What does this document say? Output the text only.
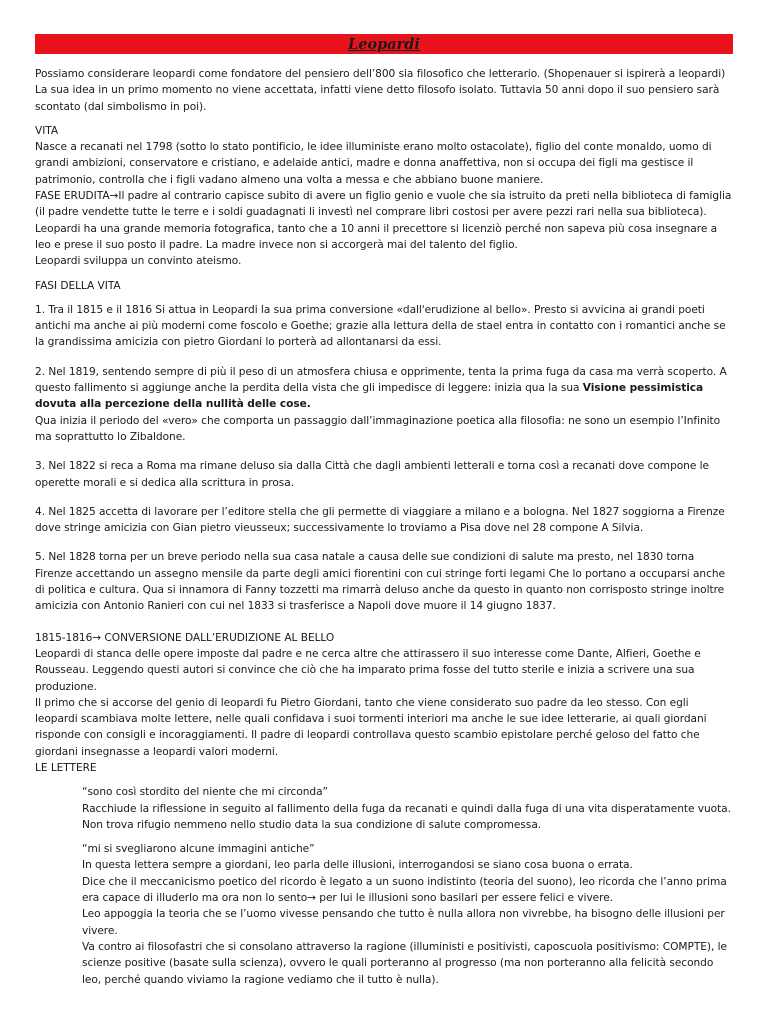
Leopardi

Possiamo considerare leopardi come fondatore del pensiero dell’800 sia filosofico che letterario. (Shopenauer si ispirerà a leopardi)

La sua idea in un primo momento no viene accettata, infatti viene detto filosofo isolato. Tuttavia 50 anni dopo il suo pensiero sarà scontato (dal simbolismo in poi).

VITA

Nasce a recanati nel 1798 (sotto lo stato pontificio, le idee illuministe erano molto ostacolate), figlio del conte monaldo, uomo di grandi ambizioni, conservatore e cristiano, e adelaide antici, madre e donna anaffettiva, non si occupa dei figli ma gestisce il patrimonio, controlla che i figli vadano almeno una volta a messa e che abbiano buone maniere.

FASE ERUDITA→Il padre al contrario capisce subito di avere un figlio genio e vuole che sia istruito da preti nella biblioteca di famiglia (il padre vendette tutte le terre e i soldi guadagnati li investì nel comprare libri costosi per avere pezzi rari nella sua biblioteca). Leopardi ha una grande memoria fotografica, tanto che a 10 anni il precettore si licenziò perché non sapeva più cosa insegnare a leo e prese il suo posto il padre. La madre invece non si accorgerà mai del talento del figlio.

Leopardi sviluppa un convinto ateismo.

FASI DELLA VITA

1. Tra il 1815 e il 1816 Si attua in Leopardi la sua prima conversione «dall'erudizione al bello». Presto si avvicina ai grandi poeti antichi ma anche ai più moderni come foscolo e Goethe; grazie alla lettura della de stael entra in contatto con i romantici anche se la grandissima amicizia con pietro Giordani lo porterà ad allontanarsi da essi.

2. Nel 1819, sentendo sempre di più il peso di un atmosfera chiusa e opprimente, tenta la prima fuga da casa ma verrà scoperto. A questo fallimento si aggiunge anche la perdita della vista che gli impedisce di leggere: inizia qua la sua Visione pessimistica dovuta alla percezione della nullità delle cose.

Qua inizia il periodo del «vero» che comporta un passaggio dall’immaginazione poetica alla filosofia: ne sono un esempio l’Infinito ma soprattutto lo Zibaldone.

3. Nel 1822 si reca a Roma ma rimane deluso sia dalla Città che dagli ambienti letterali e torna così a recanati dove compone le operette morali e si dedica alla scrittura in prosa.

4. Nel 1825 accetta di lavorare per l’editore stella che gli permette di viaggiare a milano e a bologna. Nel 1827 soggiorna a Firenze dove stringe amicizia con Gian pietro vieusseux; successivamente lo troviamo a Pisa dove nel 28 compone A Silvia.

5. Nel 1828 torna per un breve periodo nella sua casa natale a causa delle sue condizioni di salute ma presto, nel 1830 torna Firenze accettando un assegno mensile da parte degli amici fiorentini con cui stringe forti legami Che lo portano a occuparsi anche di politica e cultura. Qua si innamora di Fanny tozzetti ma rimarrà deluso anche da questo in quanto non corrisposto stringe inoltre amicizia con Antonio Ranieri con cui nel 1833 si trasferisce a Napoli dove muore il 14 giugno 1837.

1815-1816→ CONVERSIONE DALL’ERUDIZIONE AL BELLO

Leopardi di stanca delle opere imposte dal padre e ne cerca altre che attirassero il suo interesse come Dante, Alfieri, Goethe e Rousseau. Leggendo questi autori si convince che ciò che ha imparato prima fosse del tutto sterile e inizia a scrivere una sua produzione.

Il primo che si accorse del genio di leopardi fu Pietro Giordani, tanto che viene considerato suo padre da leo stesso. Con egli leopardi scambiava molte lettere, nelle quali confidava i suoi tormenti interiori ma anche le sue idee letterarie, ai quali giordani risponde con consigli e incoraggiamenti. Il padre di leopardi controllava questo scambio epistolare perché geloso del fatto che giordani insegnasse a leopardi valori moderni.

LE LETTERE

“sono così stordito del niente che mi circonda”

Racchiude la riflessione in seguito al fallimento della fuga da recanati e quindi dalla fuga di una vita disperatamente vuota. Non trova rifugio nemmeno nello studio data la sua condizione di salute compromessa.

“mi si svegliarono alcune immagini antiche”

In questa lettera sempre a giordani, leo parla delle illusioni, interrogandosi se siano cosa buona o errata.

Dice che il meccanicismo poetico del ricordo è legato a un suono indistinto (teoria del suono), leo ricorda che l’anno prima era capace di illuderlo ma ora non lo sento→ per lui le illusioni sono basilari per essere felici e vivere.

Leo appoggia la teoria che se l’uomo vivesse pensando che tutto è nulla allora non vivrebbe, ha bisogno delle illusioni per vivere.

Va contro ai filosofastri che si consolano attraverso la ragione (illuministi e positivisti, caposcuola positivismo: COMPTE), le scienze positive (basate sulla scienza), ovvero le quali porteranno al progresso (ma non porteranno alla felicità secondo leo, perché quando viviamo la ragione vediamo che il tutto è nulla).
